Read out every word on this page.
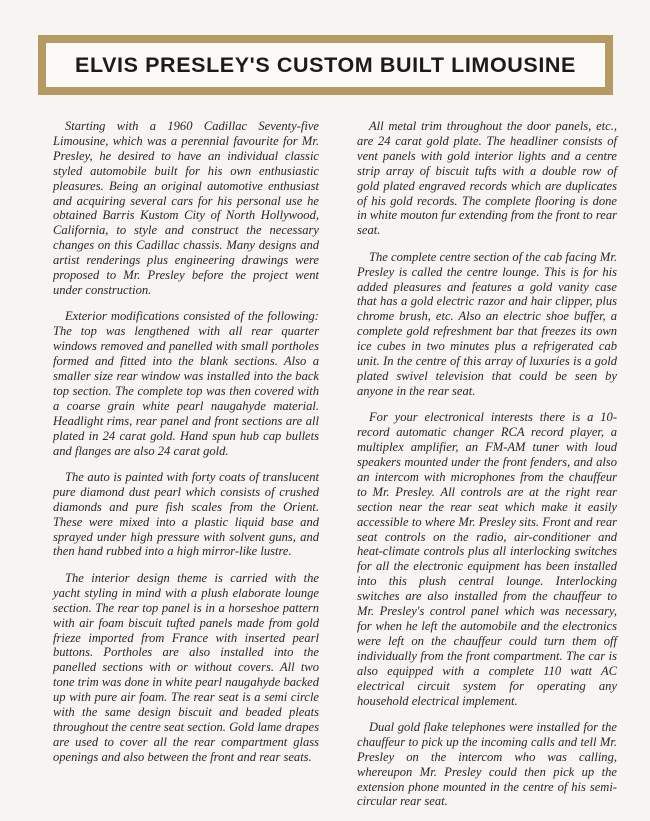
ELVIS PRESLEY'S CUSTOM BUILT LIMOUSINE

Starting with a 1960 Cadillac Seventy-five Limousine, which was a perennial favourite for Mr. Presley, he desired to have an individual classic styled automobile built for his own enthusiastic pleasures. Being an original automotive enthusiast and acquiring several cars for his personal use he obtained Barris Kustom City of North Hollywood, California, to style and construct the necessary changes on this Cadillac chassis. Many designs and artist renderings plus engineering drawings were proposed to Mr. Presley before the project went under construction.

Exterior modifications consisted of the following: The top was lengthened with all rear quarter windows removed and panelled with small portholes formed and fitted into the blank sections. Also a smaller size rear window was installed into the back top section. The complete top was then covered with a coarse grain white pearl naugahyde material. Headlight rims, rear panel and front sections are all plated in 24 carat gold. Hand spun hub cap bullets and flanges are also 24 carat gold.

The auto is painted with forty coats of translucent pure diamond dust pearl which consists of crushed diamonds and pure fish scales from the Orient. These were mixed into a plastic liquid base and sprayed under high pressure with solvent guns, and then hand rubbed into a high mirror-like lustre.

The interior design theme is carried with the yacht styling in mind with a plush elaborate lounge section. The rear top panel is in a horseshoe pattern with air foam biscuit tufted panels made from gold frieze imported from France with inserted pearl buttons. Portholes are also installed into the panelled sections with or without covers. All two tone trim was done in white pearl naugahyde backed up with pure air foam. The rear seat is a semi circle with the same design biscuit and beaded pleats throughout the centre seat section. Gold lame drapes are used to cover all the rear compartment glass openings and also between the front and rear seats.

All metal trim throughout the door panels, etc., are 24 carat gold plate. The headliner consists of vent panels with gold interior lights and a centre strip array of biscuit tufts with a double row of gold plated engraved records which are duplicates of his gold records. The complete flooring is done in white mouton fur extending from the front to rear seat.

The complete centre section of the cab facing Mr. Presley is called the centre lounge. This is for his added pleasures and features a gold vanity case that has a gold electric razor and hair clipper, plus chrome brush, etc. Also an electric shoe buffer, a complete gold refreshment bar that freezes its own ice cubes in two minutes plus a refrigerated cab unit. In the centre of this array of luxuries is a gold plated swivel television that could be seen by anyone in the rear seat.

For your electronical interests there is a 10-record automatic changer RCA record player, a multiplex amplifier, an FM-AM tuner with loud speakers mounted under the front fenders, and also an intercom with microphones from the chauffeur to Mr. Presley. All controls are at the right rear section near the rear seat which make it easily accessible to where Mr. Presley sits. Front and rear seat controls on the radio, air-conditioner and heat-climate controls plus all interlocking switches for all the electronic equipment has been installed into this plush central lounge. Interlocking switches are also installed from the chauffeur to Mr. Presley's control panel which was necessary, for when he left the automobile and the electronics were left on the chauffeur could turn them off individually from the front compartment. The car is also equipped with a complete 110 watt AC electrical circuit system for operating any household electrical implement.

Dual gold flake telephones were installed for the chauffeur to pick up the incoming calls and tell Mr. Presley on the intercom who was calling, whereupon Mr. Presley could then pick up the extension phone mounted in the centre of his semi-circular rear seat.
